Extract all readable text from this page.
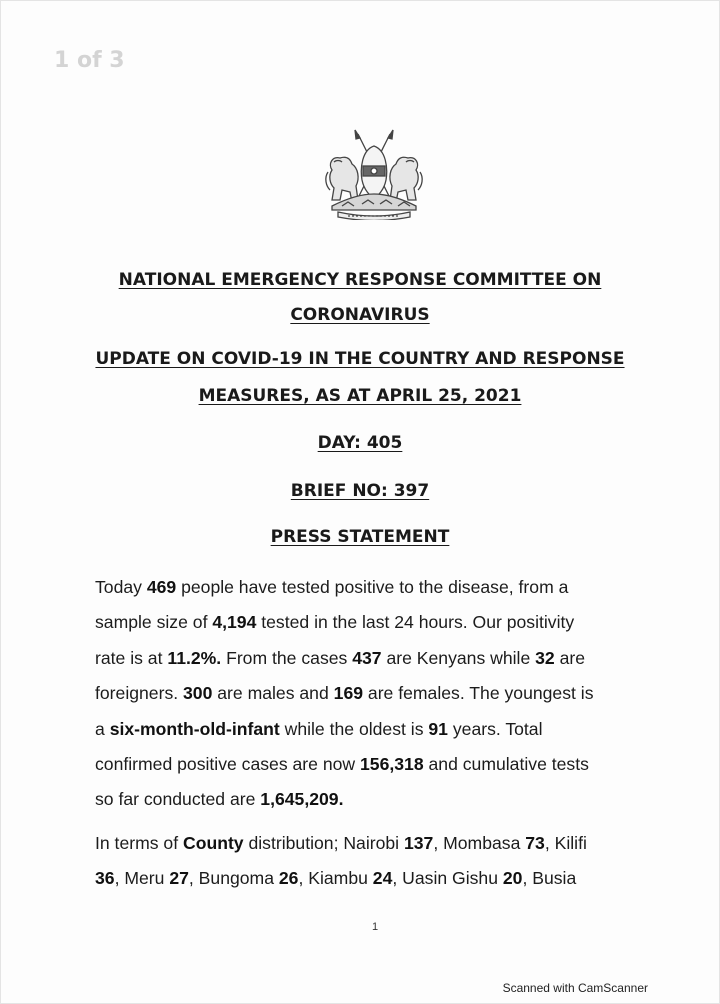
1 of 3
NATIONAL EMERGENCY RESPONSE COMMITTEE ON
CORONAVIRUS
UPDATE ON COVID-19 IN THE COUNTRY AND RESPONSE
MEASURES, AS AT APRIL 25, 2021
DAY: 405
BRIEF NO: 397
PRESS STATEMENT
Today 469 people have tested positive to the disease, from a
sample size of 4,194 tested in the last 24 hours. Our positivity
rate is at 11.2%. From the cases 437 are Kenyans while 32 are
foreigners. 300 are males and 169 are females. The youngest is
a six-month-old-infant while the oldest is 91 years. Total
confirmed positive cases are now 156,318 and cumulative tests
so far conducted are 1,645,209.
In terms of County distribution; Nairobi 137, Mombasa 73, Kilifi
36, Meru 27, Bungoma 26, Kiambu 24, Uasin Gishu 20, Busia
1
Scanned with CamScanner
